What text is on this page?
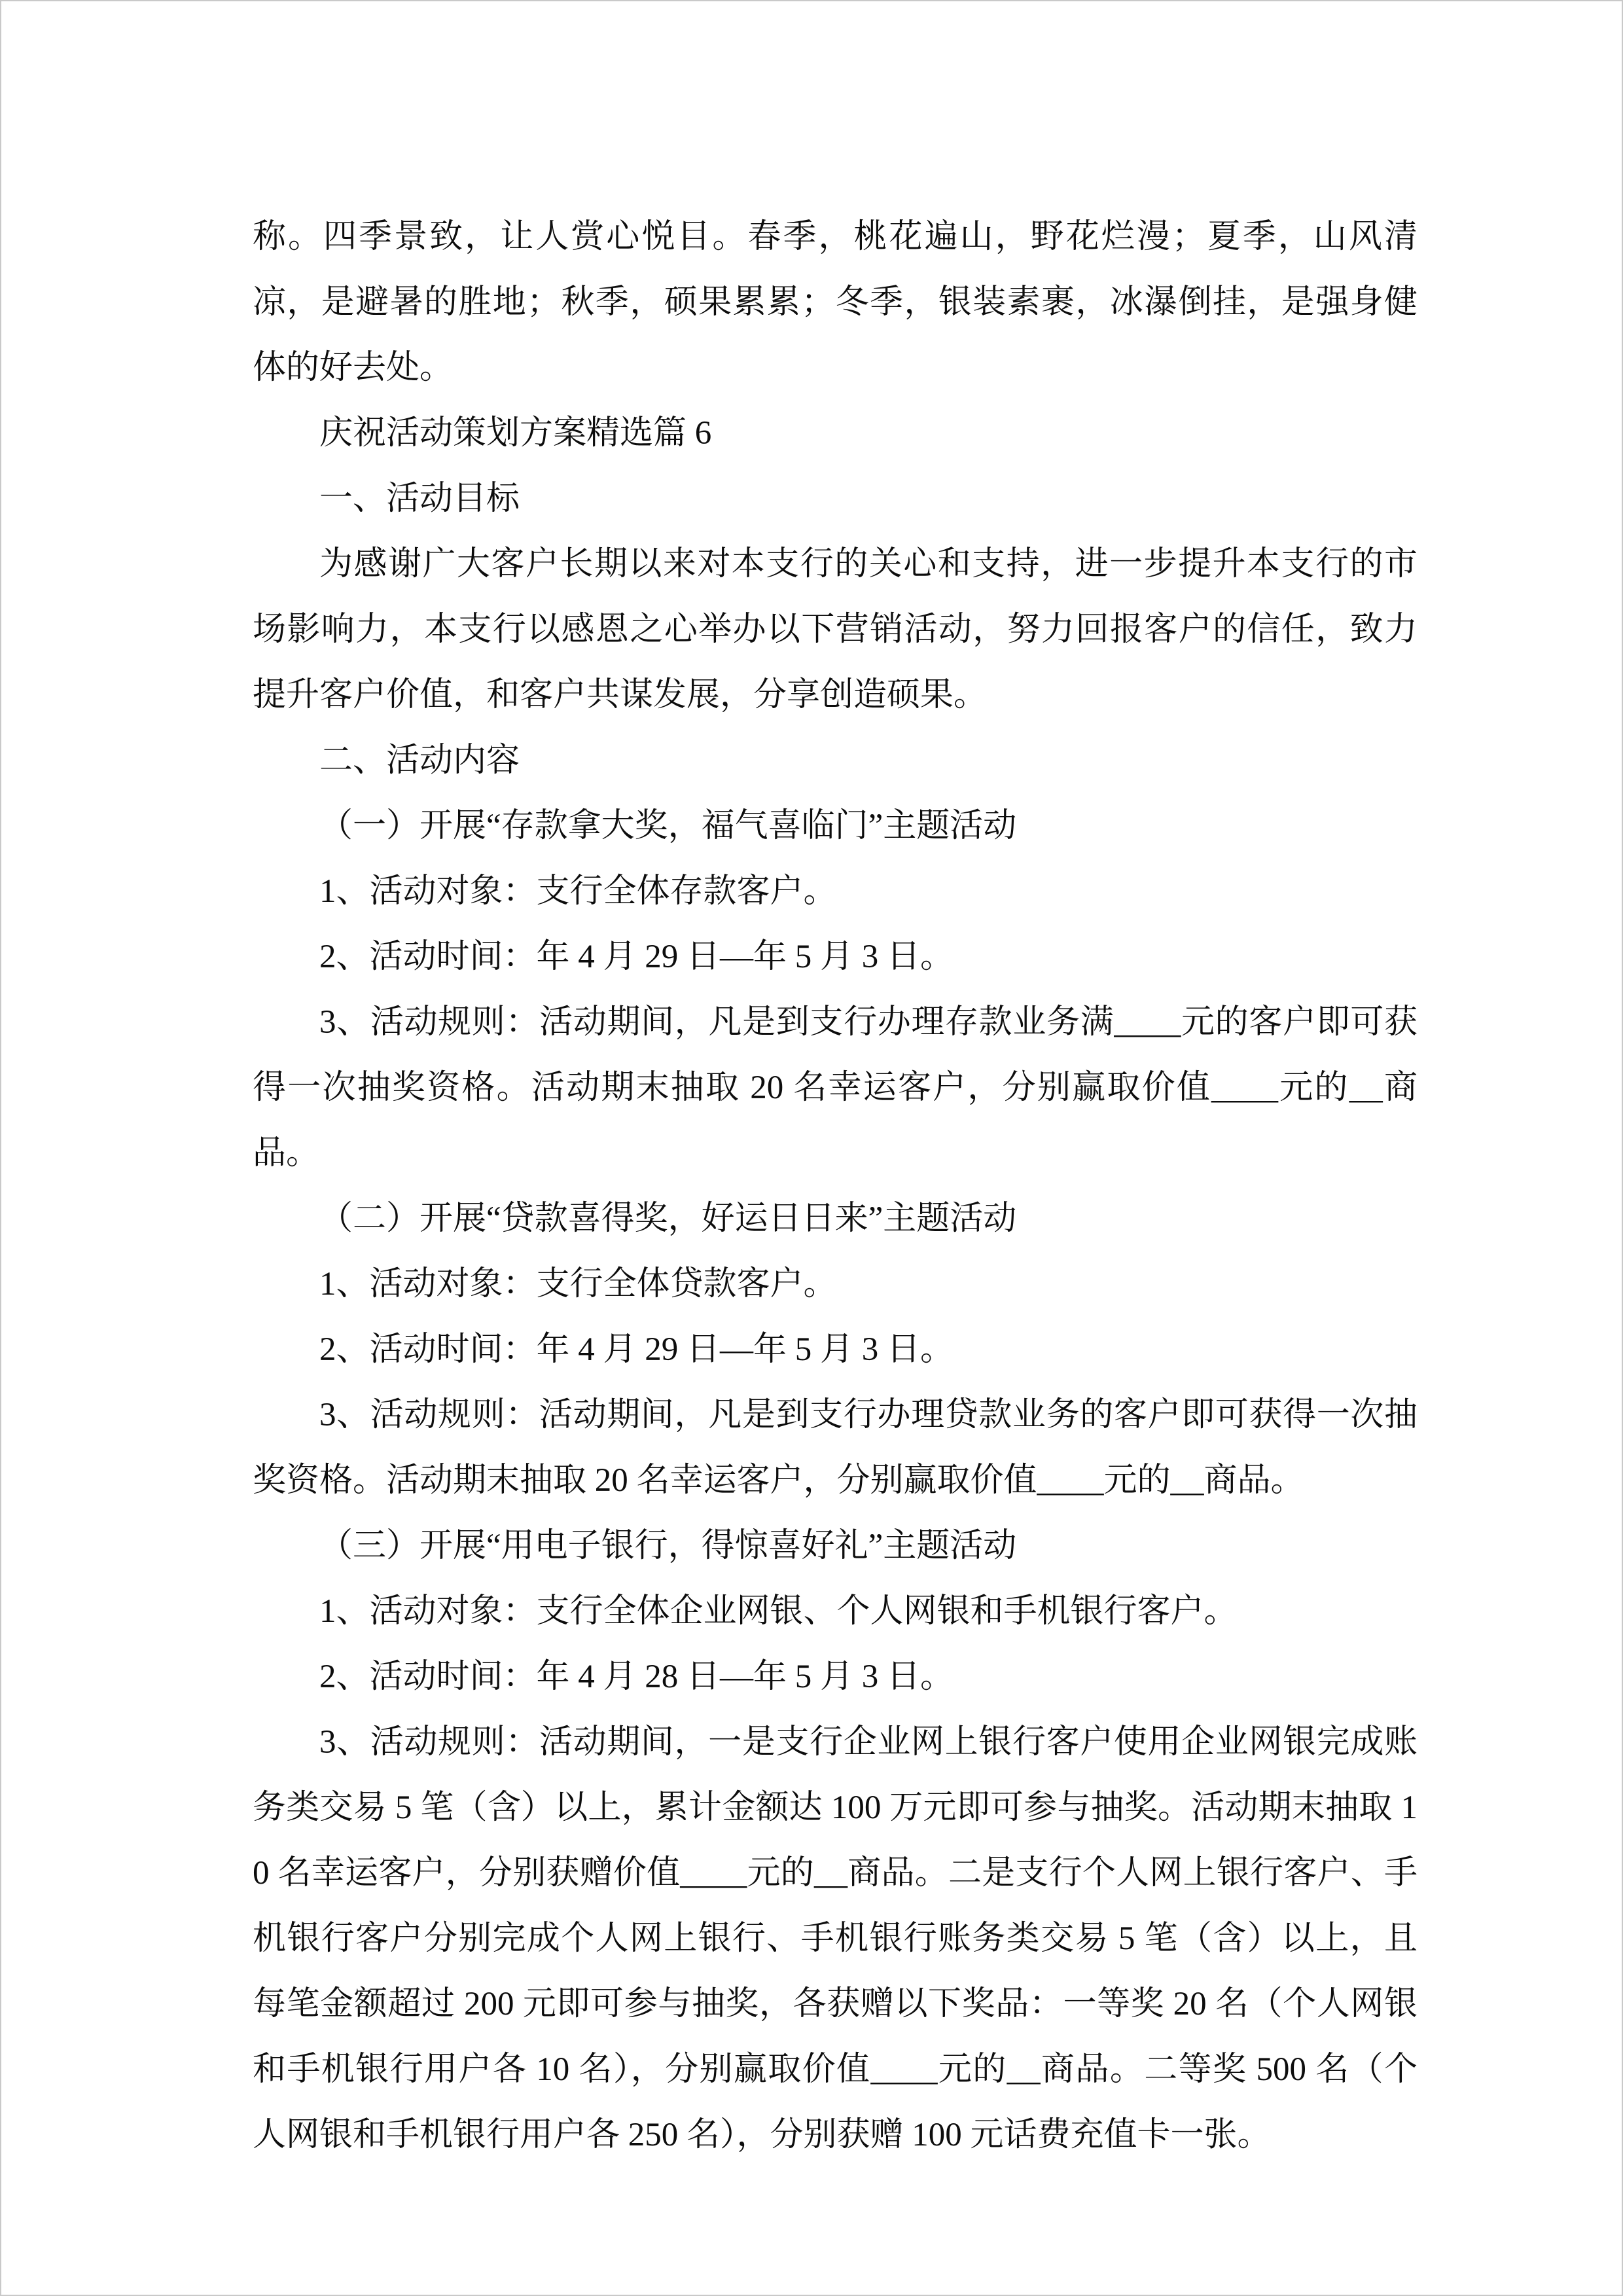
称。四季景致，让人赏心悦目。春季，桃花遍山，野花烂漫；夏季，山风清凉，是避暑的胜地；秋季，硕果累累；冬季，银装素裹，冰瀑倒挂，是强身健体的好去处。

庆祝活动策划方案精选篇 6

一、活动目标

为感谢广大客户长期以来对本支行的关心和支持，进一步提升本支行的市场影响力，本支行以感恩之心举办以下营销活动，努力回报客户的信任，致力提升客户价值，和客户共谋发展，分享创造硕果。

二、活动内容

（一）开展“存款拿大奖，福气喜临门”主题活动

1、活动对象：支行全体存款客户。

2、活动时间：年 4 月 29 日—年 5 月 3 日。

3、活动规则：活动期间，凡是到支行办理存款业务满____元的客户即可获得一次抽奖资格。活动期末抽取 20 名幸运客户，分别赢取价值____元的__商品。

（二）开展“贷款喜得奖，好运日日来”主题活动

1、活动对象：支行全体贷款客户。

2、活动时间：年 4 月 29 日—年 5 月 3 日。

3、活动规则：活动期间，凡是到支行办理贷款业务的客户即可获得一次抽奖资格。活动期末抽取 20 名幸运客户，分别赢取价值____元的__商品。

（三）开展“用电子银行，得惊喜好礼”主题活动

1、活动对象：支行全体企业网银、个人网银和手机银行客户。

2、活动时间：年 4 月 28 日—年 5 月 3 日。

3、活动规则：活动期间，一是支行企业网上银行客户使用企业网银完成账务类交易 5 笔（含）以上，累计金额达 100 万元即可参与抽奖。活动期末抽取 10 名幸运客户，分别获赠价值____元的__商品。二是支行个人网上银行客户、手机银行客户分别完成个人网上银行、手机银行账务类交易 5 笔（含）以上，且每笔金额超过 200 元即可参与抽奖，各获赠以下奖品：一等奖 20 名（个人网银和手机银行用户各 10 名），分别赢取价值____元的__商品。二等奖 500 名（个人网银和手机银行用户各 250 名），分别获赠 100 元话费充值卡一张。
